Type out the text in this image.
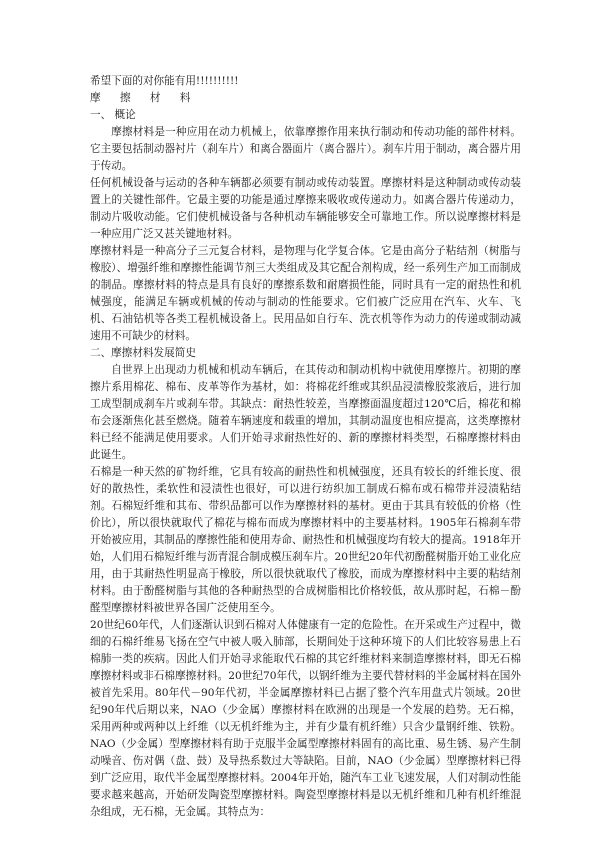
希望下面的对你能有用!!!!!!!!!!

摩 擦 材 料

一、 概论

摩擦材料是一种应用在动力机械上，依靠摩擦作用来执行制动和传动功能的部件材料。它主要包括制动器衬片（刹车片）和离合器面片（离合器片）。刹车片用于制动，离合器片用于传动。

任何机械设备与运动的各种车辆都必须要有制动或传动装置。摩擦材料是这种制动或传动装置上的关键性部件。它最主要的功能是通过摩擦来吸收或传递动力。如离合器片传递动力，制动片吸收动能。它们使机械设备与各种机动车辆能够安全可靠地工作。所以说摩擦材料是一种应用广泛又甚关键地材料。

摩擦材料是一种高分子三元复合材料，是物理与化学复合体。它是由高分子粘结剂（树脂与橡胶）、增强纤维和摩擦性能调节剂三大类组成及其它配合剂构成，经一系列生产加工而制成的制品。摩擦材料的特点是具有良好的摩擦系数和耐磨损性能，同时具有一定的耐热性和机械强度，能满足车辆或机械的传动与制动的性能要求。它们被广泛应用在汽车、火车、飞机、石油钻机等各类工程机械设备上。民用品如自行车、洗衣机等作为动力的传递或制动减速用不可缺少的材料。

二、摩擦材料发展简史

自世界上出现动力机械和机动车辆后，在其传动和制动机构中就使用摩擦片。初期的摩擦片系用棉花、棉布、皮革等作为基材，如：将棉花纤维或其织品浸渍橡胶浆液后，进行加工成型制成刹车片或刹车带。其缺点：耐热性较差，当摩擦面温度超过120℃后，棉花和棉布会逐渐焦化甚至燃烧。随着车辆速度和载重的增加，其制动温度也相应提高，这类摩擦材料已经不能满足使用要求。人们开始寻求耐热性好的、新的摩擦材料类型，石棉摩擦材料由此诞生。

石棉是一种天然的矿物纤维，它具有较高的耐热性和机械强度，还具有较长的纤维长度、很好的散热性，柔软性和浸渍性也很好，可以进行纺织加工制成石棉布或石棉带并浸渍粘结剂。石棉短纤维和其布、带织品都可以作为摩擦材料的基材。更由于其具有较低的价格（性价比），所以很快就取代了棉花与棉布而成为摩擦材料中的主要基材料。1905年石棉刹车带开始被应用，其制品的摩擦性能和使用寿命、耐热性和机械强度均有较大的提高。1918年开始，人们用石棉短纤维与沥青混合制成模压刹车片。20世纪20年代初酚醛树脂开始工业化应用，由于其耐热性明显高于橡胶，所以很快就取代了橡胶，而成为摩擦材料中主要的粘结剂材料。由于酚醛树脂与其他的各种耐热型的合成树脂相比价格较低，故从那时起，石棉－酚醛型摩擦材料被世界各国广泛使用至今。

20世纪60年代，人们逐渐认识到石棉对人体健康有一定的危险性。在开采或生产过程中，微细的石棉纤维易飞扬在空气中被人吸入肺部，长期间处于这种环境下的人们比较容易患上石棉肺一类的疾病。因此人们开始寻求能取代石棉的其它纤维材料来制造摩擦材料，即无石棉摩擦材料或非石棉摩擦材料。20世纪70年代，以钢纤维为主要代替材料的半金属材料在国外被首先采用。80年代－90年代初，半金属摩擦材料已占据了整个汽车用盘式片领域。20世纪90年代后期以来，NAO（少金属）摩擦材料在欧洲的出现是一个发展的趋势。无石棉，采用两种或两种以上纤维（以无机纤维为主，并有少量有机纤维）只含少量钢纤维、铁粉。NAO（少金属）型摩擦材料有助于克服半金属型摩擦材料固有的高比重、易生锈、易产生制动噪音、伤对偶（盘、鼓）及导热系数过大等缺陷。目前，NAO（少金属）型摩擦材料已得到广泛应用，取代半金属型摩擦材料。2004年开始，随汽车工业飞速发展，人们对制动性能要求越来越高，开始研发陶瓷型摩擦材料。陶瓷型摩擦材料是以无机纤维和几种有机纤维混杂组成，无石棉，无金属。其特点为：
